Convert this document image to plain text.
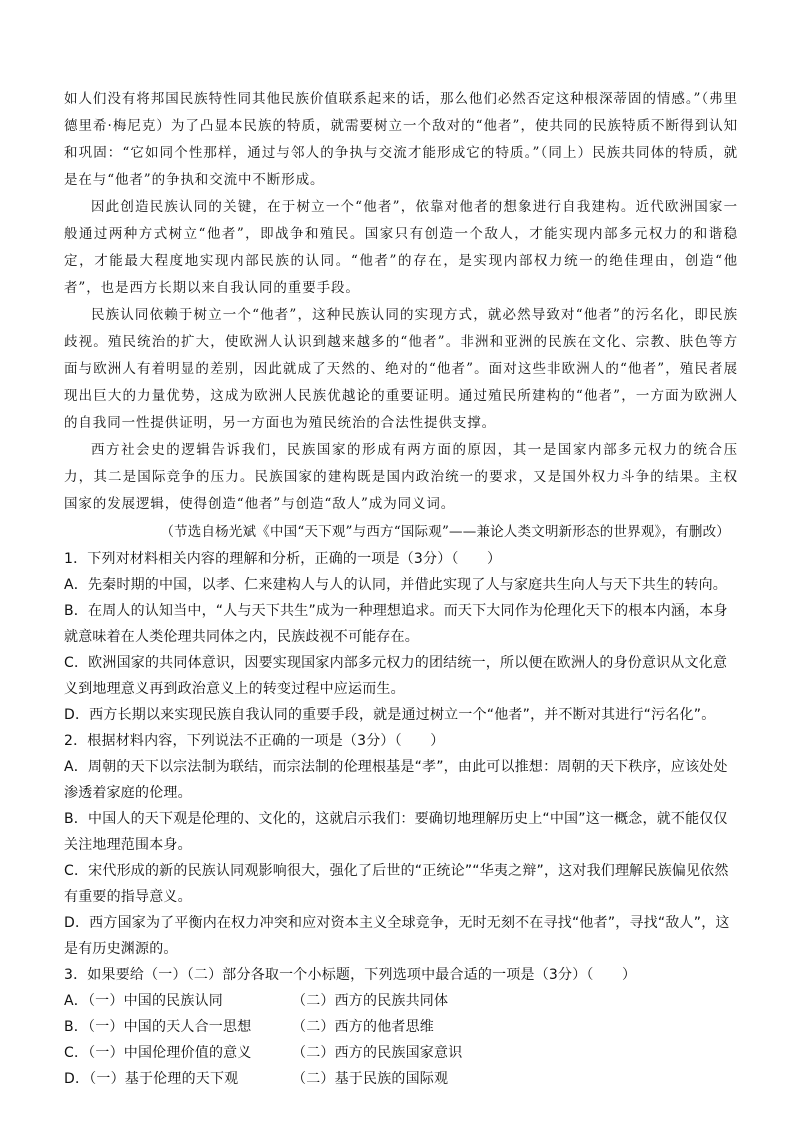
如人们没有将邦国民族特性同其他民族价值联系起来的话，那么他们必然否定这种根深蒂固的情感。”（弗里德里希·梅尼克）为了凸显本民族的特质，就需要树立一个敌对的“他者”，使共同的民族特质不断得到认知和巩固：“它如同个性那样，通过与邻人的争执与交流才能形成它的特质。”（同上）民族共同体的特质，就是在与“他者”的争执和交流中不断形成。

因此创造民族认同的关键，在于树立一个“他者”，依靠对他者的想象进行自我建构。近代欧洲国家一般通过两种方式树立“他者”，即战争和殖民。国家只有创造一个敌人，才能实现内部多元权力的和谐稳定，才能最大程度地实现内部民族的认同。“他者”的存在，是实现内部权力统一的绝佳理由，创造“他者”，也是西方长期以来自我认同的重要手段。

民族认同依赖于树立一个“他者”，这种民族认同的实现方式，就必然导致对“他者”的污名化，即民族歧视。殖民统治的扩大，使欧洲人认识到越来越多的“他者”。非洲和亚洲的民族在文化、宗教、肤色等方面与欧洲人有着明显的差别，因此就成了天然的、绝对的“他者”。面对这些非欧洲人的“他者”，殖民者展现出巨大的力量优势，这成为欧洲人民族优越论的重要证明。通过殖民所建构的“他者”，一方面为欧洲人的自我同一性提供证明，另一方面也为殖民统治的合法性提供支撑。

西方社会史的逻辑告诉我们，民族国家的形成有两方面的原因，其一是国家内部多元权力的统合压力，其二是国际竞争的压力。民族国家的建构既是国内政治统一的要求，又是国外权力斗争的结果。主权国家的发展逻辑，使得创造“他者”与创造“敌人”成为同义词。

（节选自杨光斌《中国“天下观”与西方“国际观”——兼论人类文明新形态的世界观》，有删改）

1．下列对材料相关内容的理解和分析，正确的一项是（3分）（　　）

A．先秦时期的中国，以孝、仁来建构人与人的认同，并借此实现了人与家庭共生向人与天下共生的转向。

B．在周人的认知当中，“人与天下共生”成为一种理想追求。而天下大同作为伦理化天下的根本内涵，本身就意味着在人类伦理共同体之内，民族歧视不可能存在。

C．欧洲国家的共同体意识，因要实现国家内部多元权力的团结统一，所以便在欧洲人的身份意识从文化意义到地理意义再到政治意义上的转变过程中应运而生。

D．西方长期以来实现民族自我认同的重要手段，就是通过树立一个“他者”，并不断对其进行“污名化”。

2．根据材料内容，下列说法不正确的一项是（3分）（　　）

A．周朝的天下以宗法制为联结，而宗法制的伦理根基是“孝”，由此可以推想：周朝的天下秩序，应该处处渗透着家庭的伦理。

B．中国人的天下观是伦理的、文化的，这就启示我们：要确切地理解历史上“中国”这一概念，就不能仅仅关注地理范围本身。

C．宋代形成的新的民族认同观影响很大，强化了后世的“正统论”“华夷之辩”，这对我们理解民族偏见依然有重要的指导意义。

D．西方国家为了平衡内在权力冲突和应对资本主义全球竞争，无时无刻不在寻找“他者”，寻找“敌人”，这是有历史渊源的。

3．如果要给（一）（二）部分各取一个小标题，下列选项中最合适的一项是（3分）（　　）

A．（一）中国的民族认同	（二）西方的民族共同体
B．（一）中国的天人合一思想	（二）西方的他者思维
C．（一）中国伦理价值的意义	（二）西方的民族国家意识
D．（一）基于伦理的天下观	（二）基于民族的国际观
